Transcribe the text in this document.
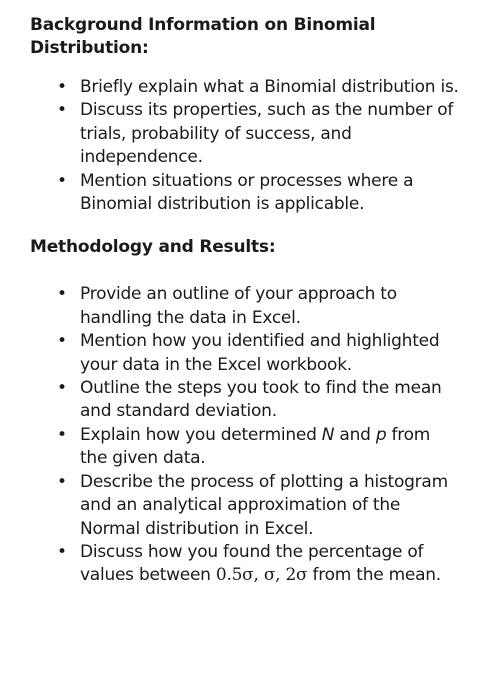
Background Information on Binomial Distribution:
• Briefly explain what a Binomial distribution is.
• Discuss its properties, such as the number of trials, probability of success, and independence.
• Mention situations or processes where a Binomial distribution is applicable.
Methodology and Results:
• Provide an outline of your approach to handling the data in Excel.
• Mention how you identified and highlighted your data in the Excel workbook.
• Outline the steps you took to find the mean and standard deviation.
• Explain how you determined N and p from the given data.
• Describe the process of plotting a histogram and an analytical approximation of the Normal distribution in Excel.
• Discuss how you found the percentage of values between 0.5σ, σ, 2σ from the mean.
